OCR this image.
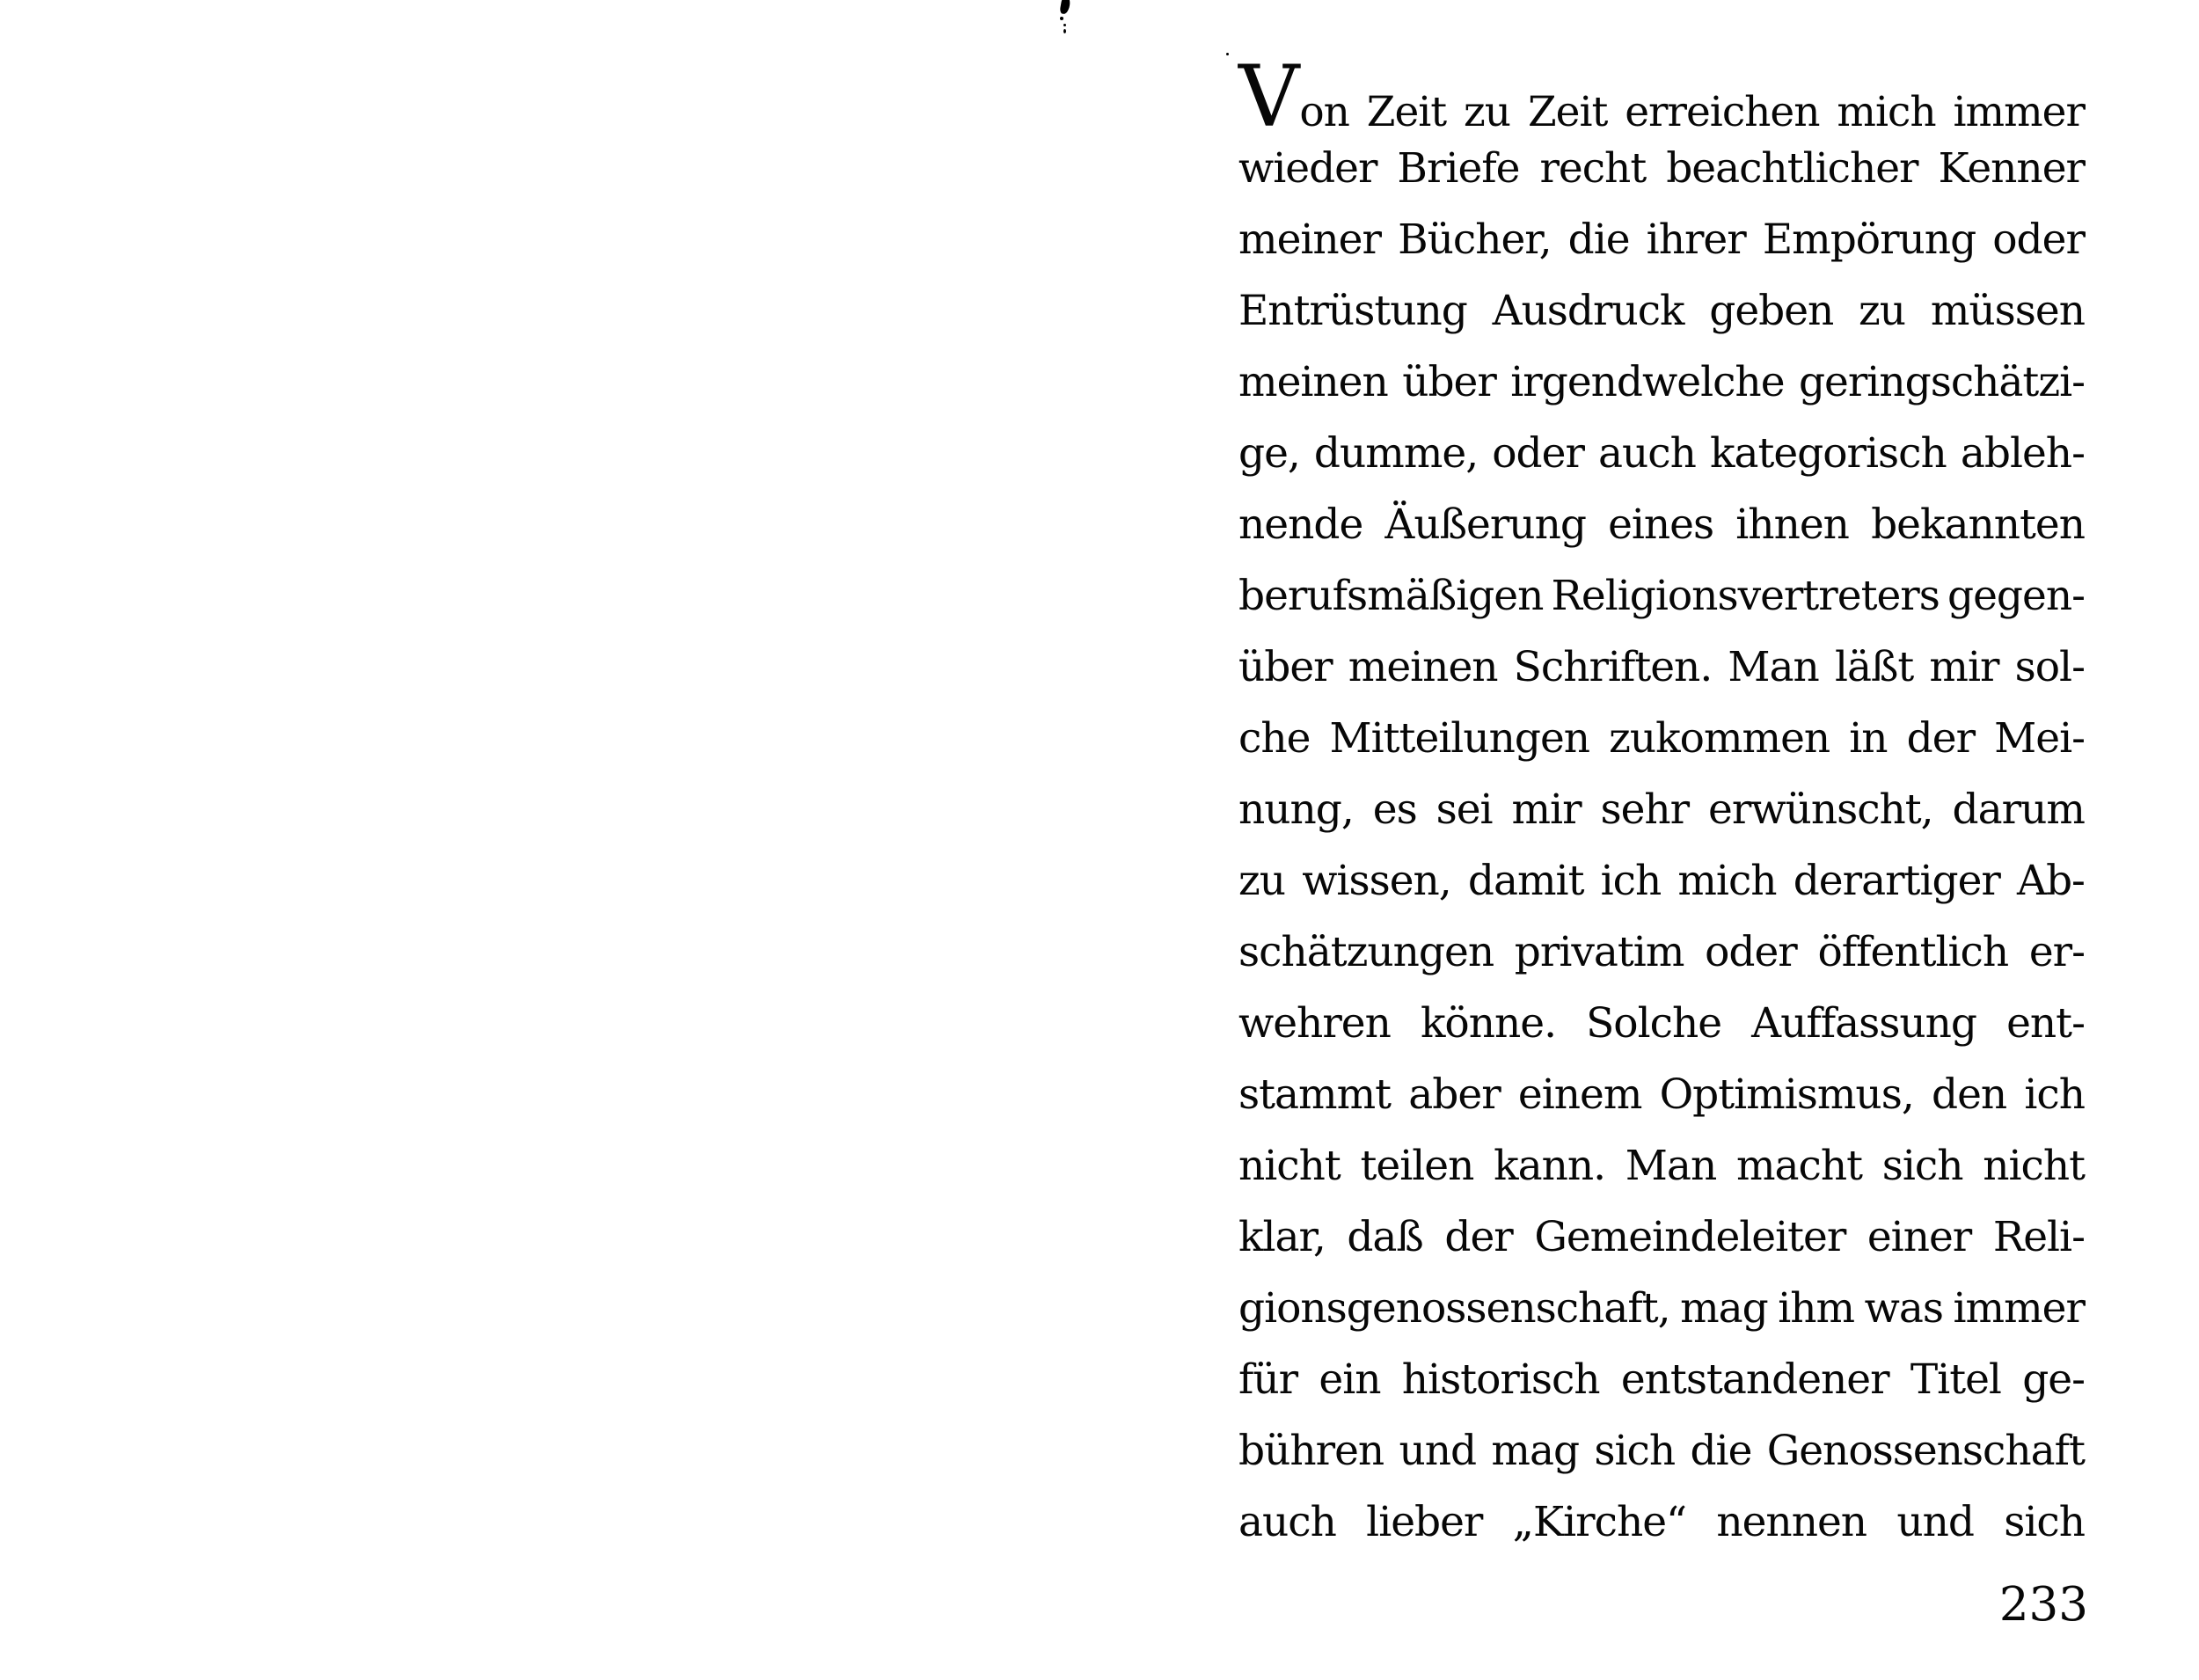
Von Zeit zu Zeit erreichen mich immer
wieder Briefe recht beachtlicher Kenner
meiner Bücher, die ihrer Empörung oder
Entrüstung Ausdruck geben zu müssen
meinen über irgendwelche geringschätzi-
ge, dumme, oder auch kategorisch ableh-
nende Äußerung eines ihnen bekannten
berufsmäßigen Religionsvertreters gegen-
über meinen Schriften. Man läßt mir sol-
che Mitteilungen zukommen in der Mei-
nung, es sei mir sehr erwünscht, darum
zu wissen, damit ich mich derartiger Ab-
schätzungen privatim oder öffentlich er-
wehren könne. Solche Auffassung ent-
stammt aber einem Optimismus, den ich
nicht teilen kann. Man macht sich nicht
klar, daß der Gemeindeleiter einer Reli-
gionsgenossenschaft, mag ihm was immer
für ein historisch entstandener Titel ge-
bühren und mag sich die Genossenschaft
auch lieber „Kirche“ nennen und sich
233
